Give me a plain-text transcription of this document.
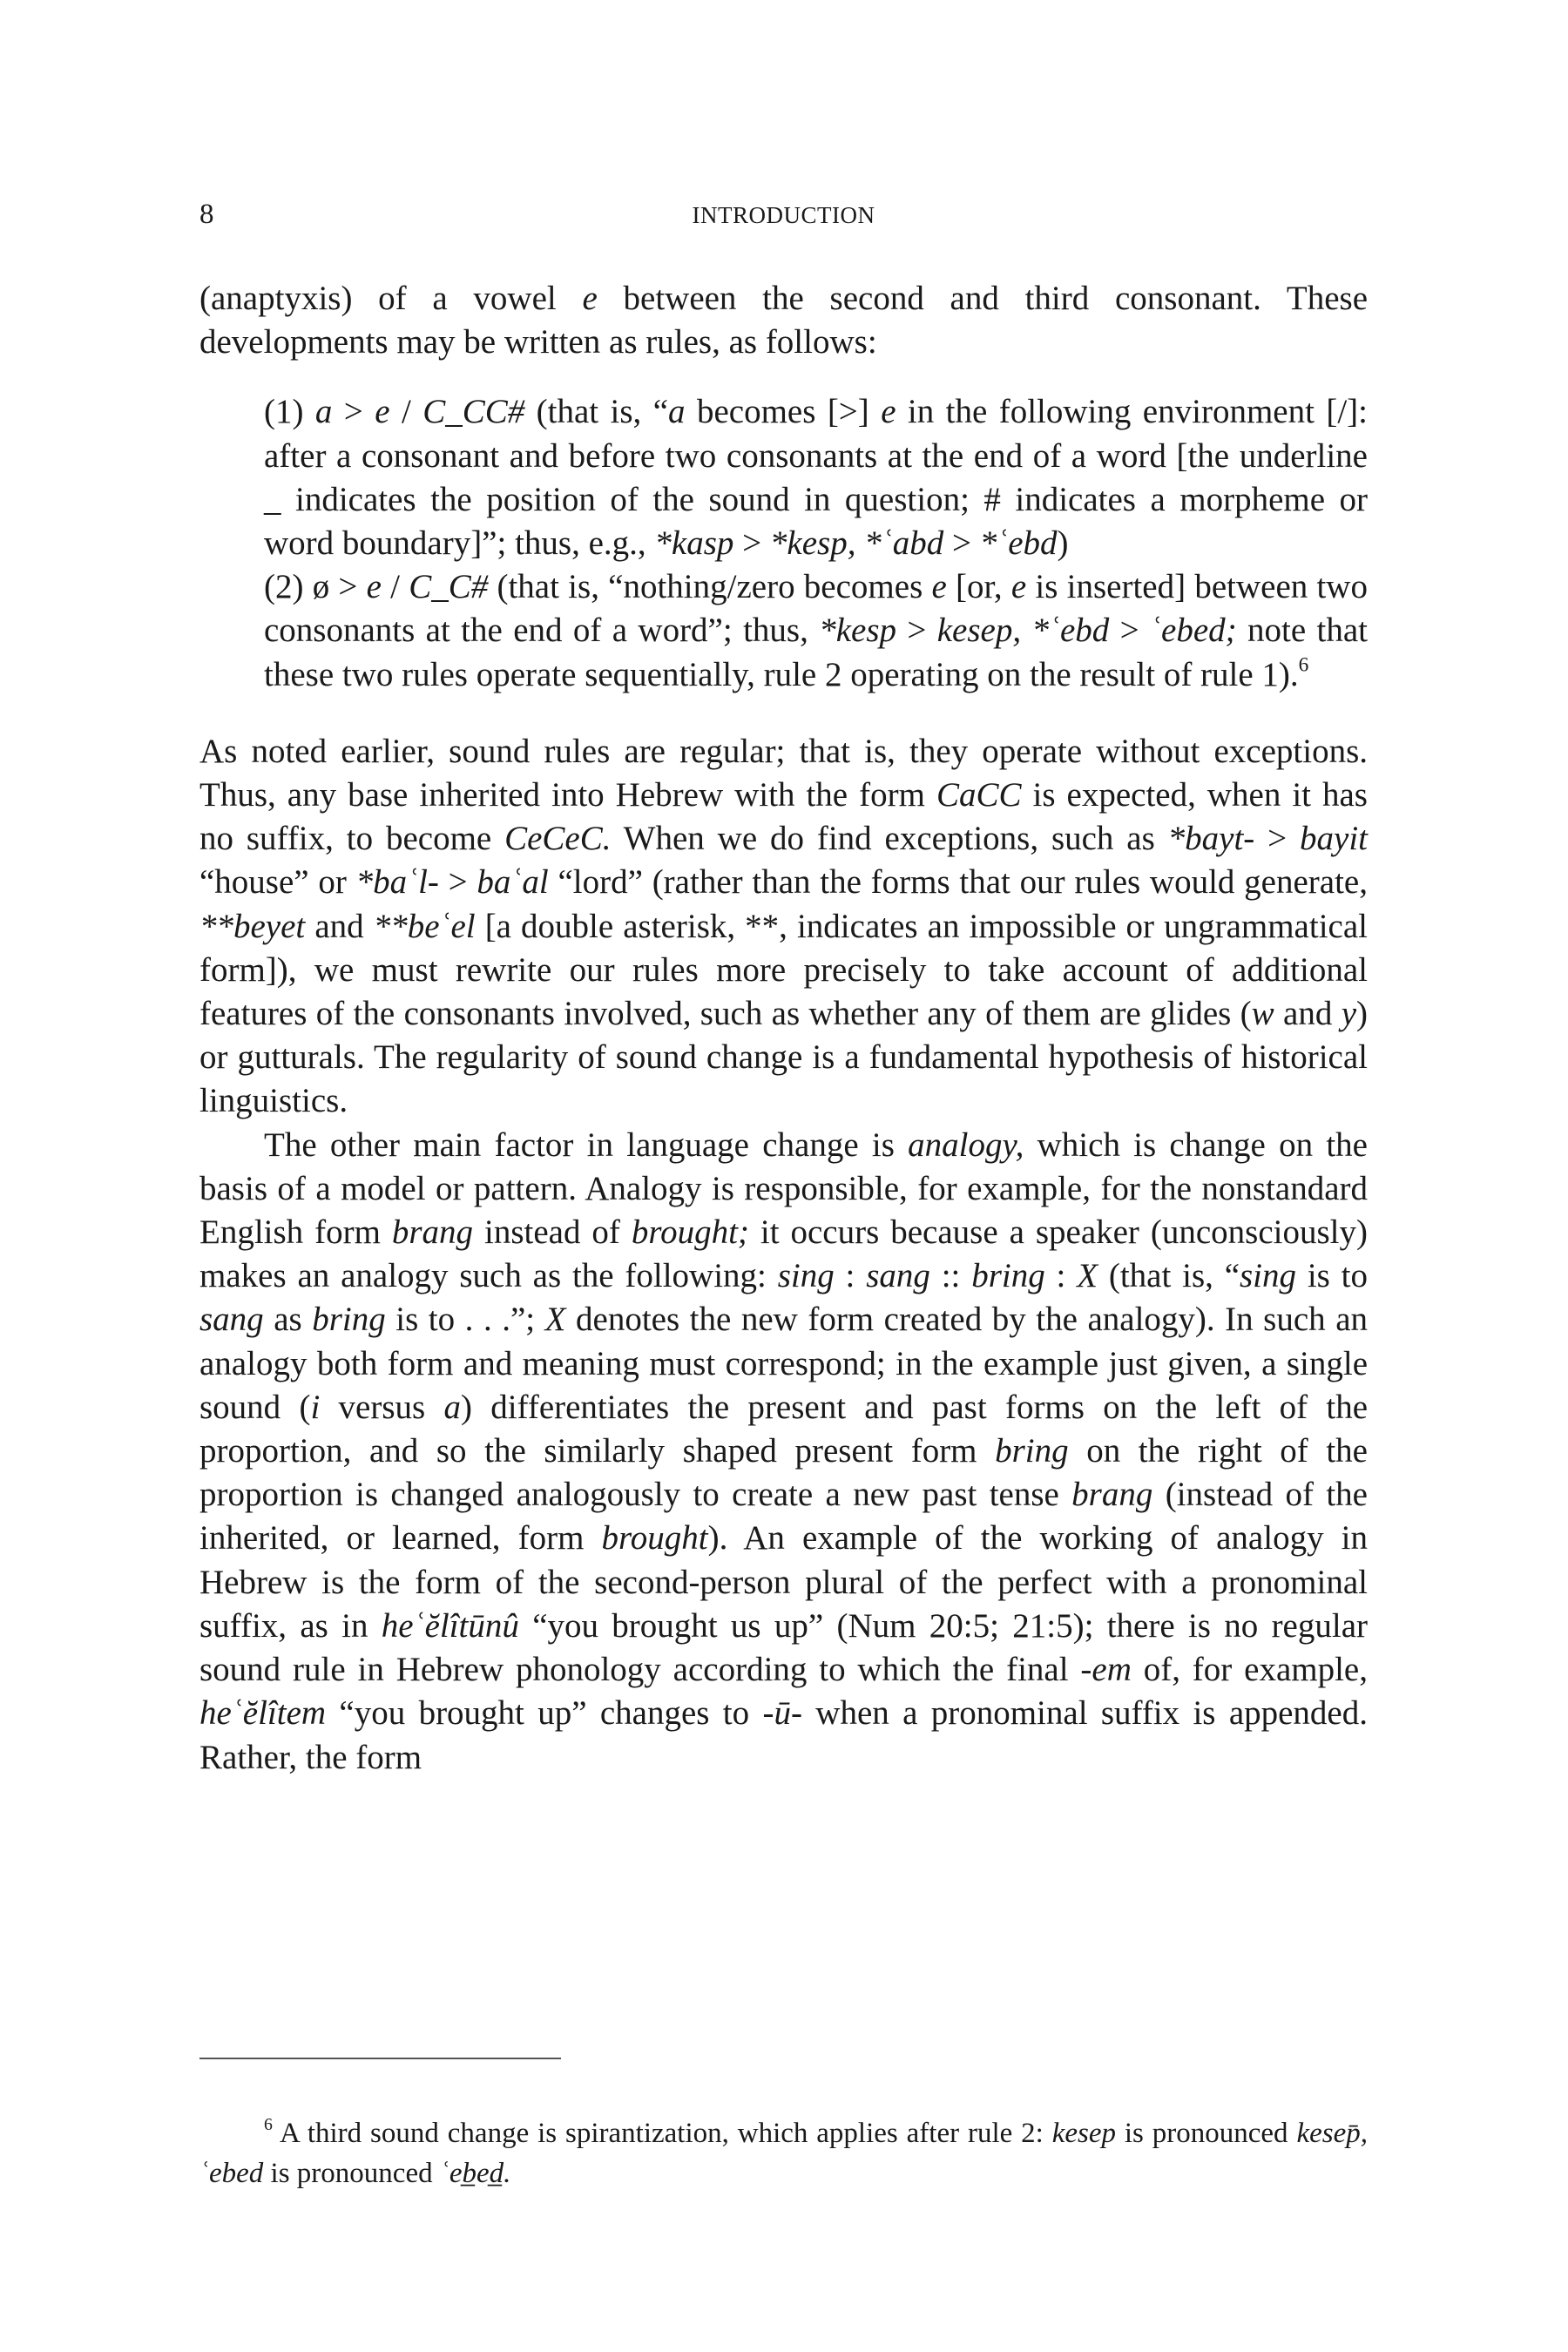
8	INTRODUCTION

(anaptyxis) of a vowel e between the second and third consonant. These developments may be written as rules, as follows:

(1) a > e / C_CC# (that is, “a becomes [>] e in the following environment [/]: after a consonant and before two consonants at the end of a word [the underline _ indicates the position of the sound in question; # indicates a morpheme or word boundary]”; thus, e.g., *kasp > *kesp, *ʿabd > *ʿebd)

(2) ø > e / C_C# (that is, “nothing/zero becomes e [or, e is inserted] between two consonants at the end of a word”; thus, *kesp > kesep, *ʿebd > ʿebed; note that these two rules operate sequentially, rule 2 operating on the result of rule 1).$^6$

As noted earlier, sound rules are regular; that is, they operate without exceptions. Thus, any base inherited into Hebrew with the form CaCC is expected, when it has no suffix, to become CeCeC. When we do find exceptions, such as *bayt- > bayit “house” or *baʿl- > baʿal “lord” (rather than the forms that our rules would generate, **beyet and **beʿel [a double asterisk, **, indicates an impossible or ungrammatical form]), we must rewrite our rules more precisely to take account of additional features of the consonants involved, such as whether any of them are glides (w and y) or gutturals. The regularity of sound change is a fundamental hypothesis of historical linguistics.

The other main factor in language change is analogy, which is change on the basis of a model or pattern. Analogy is responsible, for example, for the nonstandard English form brang instead of brought; it occurs because a speaker (unconsciously) makes an analogy such as the following: sing : sang :: bring : X (that is, “sing is to sang as bring is to . . .”; X denotes the new form created by the analogy). In such an analogy both form and meaning must correspond; in the example just given, a single sound (i versus a) differentiates the present and past forms on the left of the proportion, and so the similarly shaped present form bring on the right of the proportion is changed analogously to create a new past tense brang (instead of the inherited, or learned, form brought). An example of the working of analogy in Hebrew is the form of the second-person plural of the perfect with a pronominal suffix, as in heʿĕlîtūnû “you brought us up” (Num 20:5; 21:5); there is no regular sound rule in Hebrew phonology according to which the final -em of, for example, heʿĕlîtem “you brought up” changes to -ū- when a pronominal suffix is appended. Rather, the form

$^6$ A third sound change is spirantization, which applies after rule 2: kesep is pronounced kesep̄, ʿebed is pronounced ʿeb̲ed̲.
